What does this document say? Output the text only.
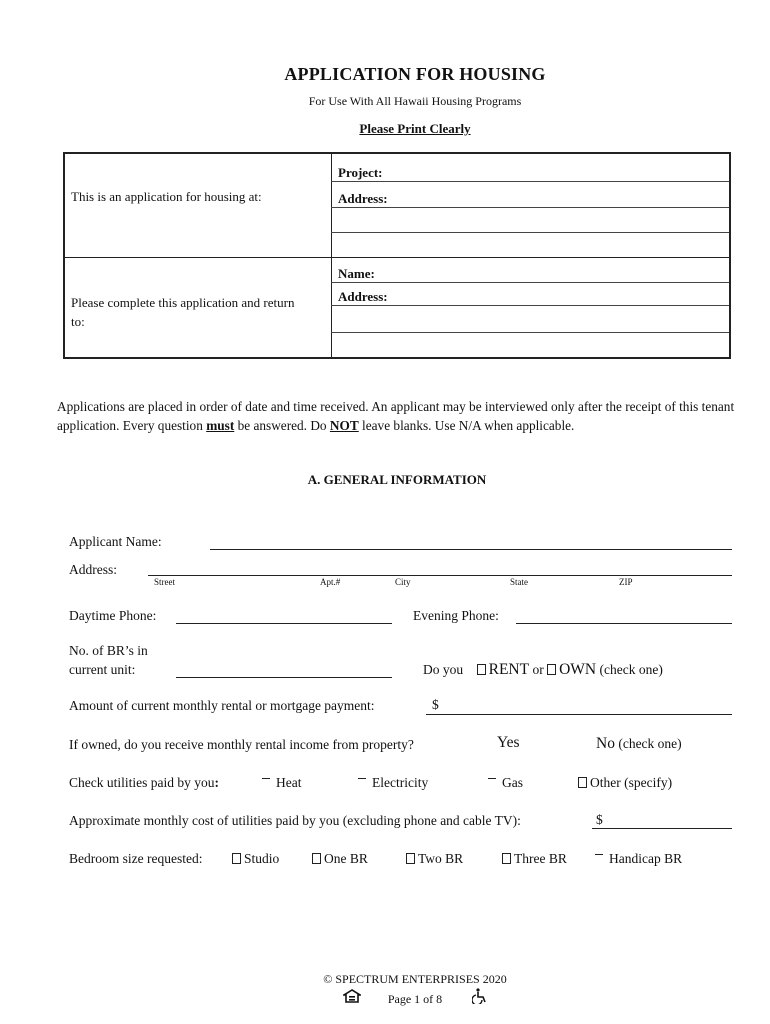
APPLICATION FOR HOUSING
For Use With All Hawaii Housing Programs
Please Print Clearly
This is an application for housing at:
Project:
Address:
Please complete this application and return to:
Name:
Address:
Applications are placed in order of date and time received. An applicant may be interviewed only after the receipt of this tenant application. Every question must be answered. Do NOT leave blanks. Use N/A when applicable.
A. GENERAL INFORMATION
Applicant Name:
Address:
Street	Apt.#	City	State	ZIP
Daytime Phone:	Evening Phone:
No. of BR’s in
current unit:	Do you RENT or OWN (check one)
Amount of current monthly rental or mortgage payment:	$
If owned, do you receive monthly rental income from property?	Yes	No (check one)
Check utilities paid by you:	Heat	Electricity	Gas	Other (specify)
Approximate monthly cost of utilities paid by you (excluding phone and cable TV):	$
Bedroom size requested:	Studio	One BR	Two BR	Three BR	Handicap BR
© SPECTRUM ENTERPRISES 2020
Page 1 of 8
